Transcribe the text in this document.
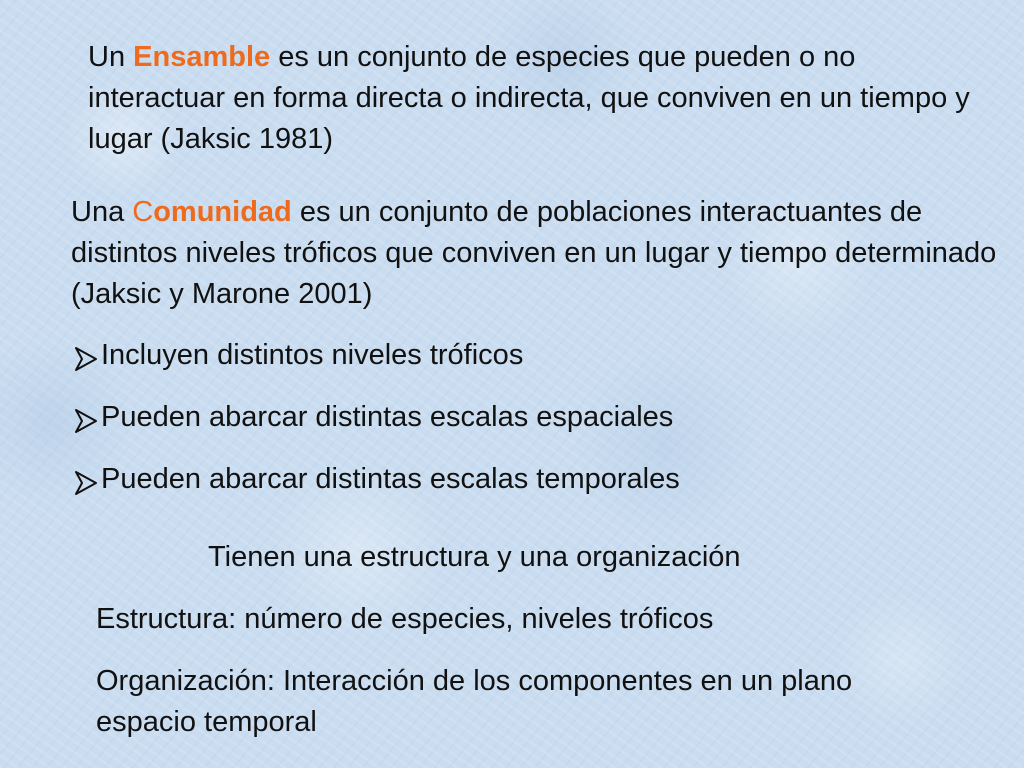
Un Ensamble es un conjunto de especies que pueden o no interactuar en forma directa o indirecta, que conviven en un tiempo y lugar (Jaksic 1981)

Una Comunidad es un conjunto de poblaciones interactuantes de distintos niveles tróficos que conviven en un lugar y tiempo determinado (Jaksic y Marone 2001)

Incluyen distintos niveles tróficos
Pueden abarcar distintas escalas espaciales
Pueden abarcar distintas escalas temporales

Tienen una estructura y una organización

Estructura: número de especies, niveles tróficos

Organización: Interacción de los componentes en un plano espacio temporal
